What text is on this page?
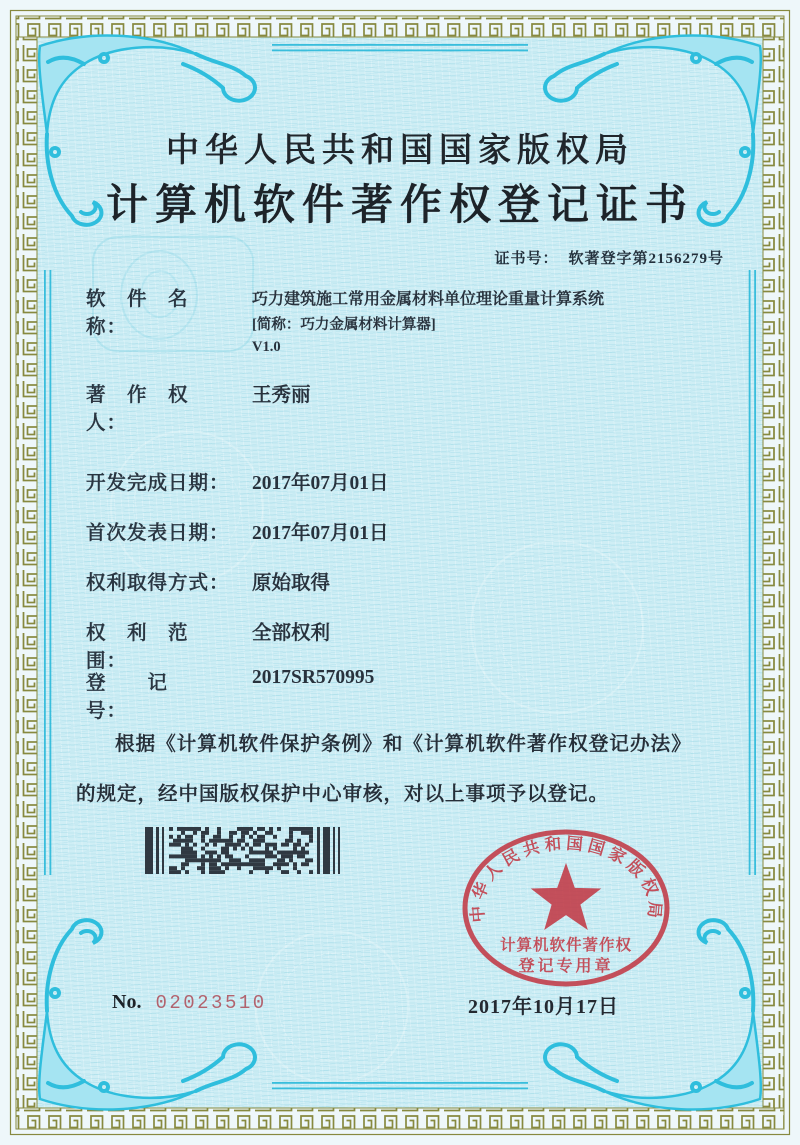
中华人民共和国国家版权局
计算机软件著作权登记证书
证书号： 软著登字第2156279号
软　件　名　称：
巧力建筑施工常用金属材料单位理论重量计算系统
[简称：巧力金属材料计算器]
V1.0
著　作　权　人：
王秀丽
开发完成日期：	2017年07月01日
首次发表日期：	2017年07月01日
权利取得方式：	原始取得
权　利　范　围：
全部权利
登　　记　　号：
2017SR570995
根据《计算机软件保护条例》和《计算机软件著作权登记办法》的规定，经中国版权保护中心审核，对以上事项予以登记。
中华人民共和国国家版权局
计算机软件著作权
登记专用章
No. 02023510	2017年10月17日
